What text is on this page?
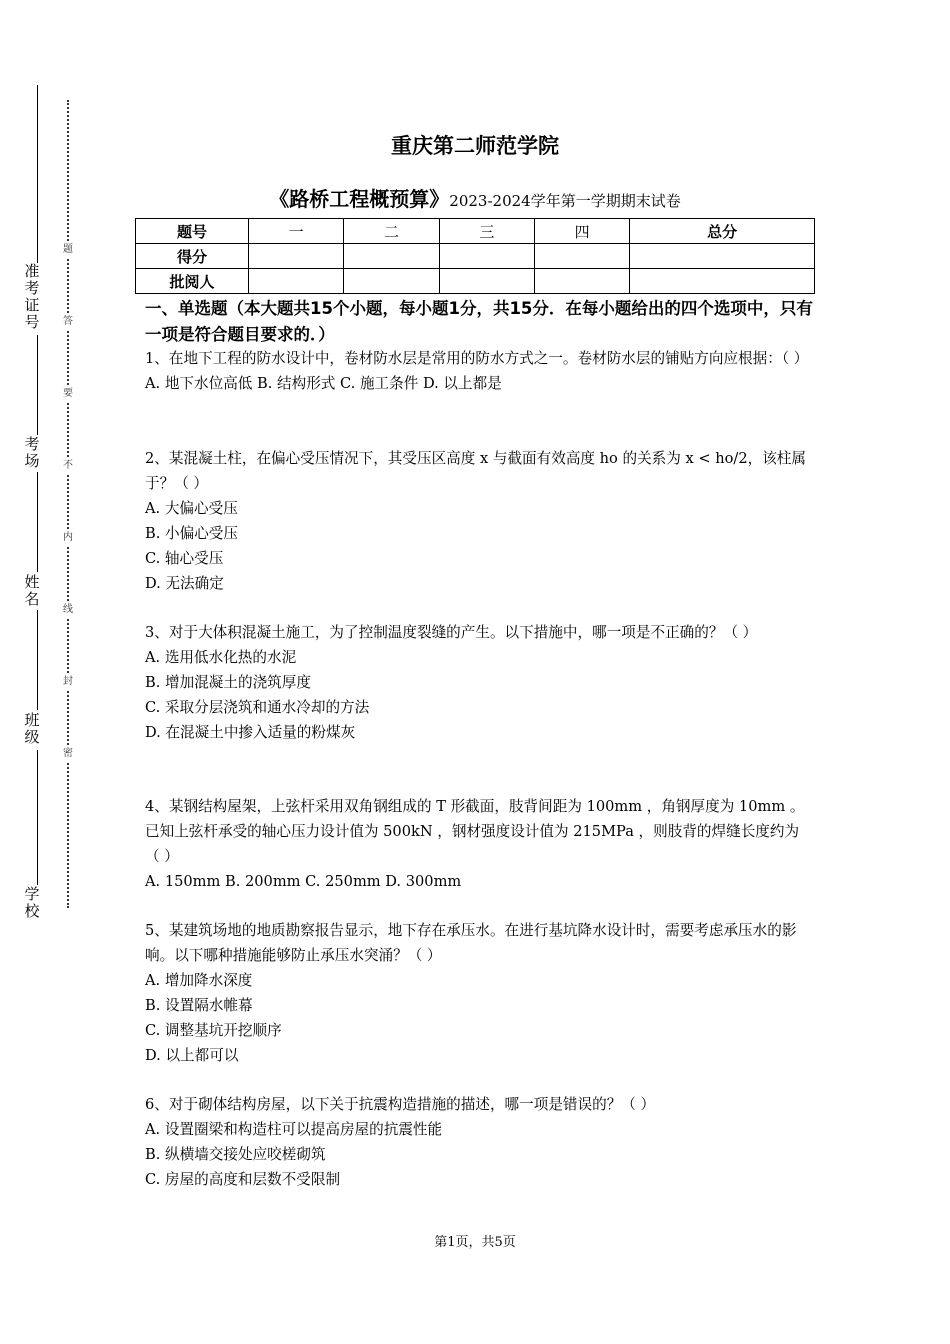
准考证号
考场
姓名
班级
学校
题
答
要
不
内
线
封
密
重庆第二师范学院
《路桥工程概预算》2023-2024学年第一学期期末试卷
题号	一	二	三	四	总分
得分					
批阅人					
一、单选题（本大题共15个小题，每小题1分，共15分．在每小题给出的四个选项中，只有一项是符合题目要求的．）

1、在地下工程的防水设计中，卷材防水层是常用的防水方式之一。卷材防水层的铺贴方向应根据：（ ）

A. 地下水位高低 B. 结构形式 C. 施工条件 D. 以上都是

2、某混凝土柱，在偏心受压情况下，其受压区高度 x 与截面有效高度 ho 的关系为 x < ho/2，该柱属于？（ ）

A. 大偏心受压

B. 小偏心受压

C. 轴心受压

D. 无法确定

3、对于大体积混凝土施工，为了控制温度裂缝的产生。以下措施中，哪一项是不正确的？（ ）

A. 选用低水化热的水泥

B. 增加混凝土的浇筑厚度

C. 采取分层浇筑和通水冷却的方法

D. 在混凝土中掺入适量的粉煤灰

4、某钢结构屋架，上弦杆采用双角钢组成的 T 形截面，肢背间距为 100mm ，角钢厚度为 10mm 。已知上弦杆承受的轴心压力设计值为 500kN ，钢材强度设计值为 215MPa ，则肢背的焊缝长度约为（ ）

A. 150mm B. 200mm C. 250mm D. 300mm

5、某建筑场地的地质勘察报告显示，地下存在承压水。在进行基坑降水设计时，需要考虑承压水的影响。以下哪种措施能够防止承压水突涌？（ ）

A. 增加降水深度

B. 设置隔水帷幕

C. 调整基坑开挖顺序

D. 以上都可以

6、对于砌体结构房屋，以下关于抗震构造措施的描述，哪一项是错误的？（ ）

A. 设置圈梁和构造柱可以提高房屋的抗震性能

B. 纵横墙交接处应咬槎砌筑

C. 房屋的高度和层数不受限制

第1页，共5页
